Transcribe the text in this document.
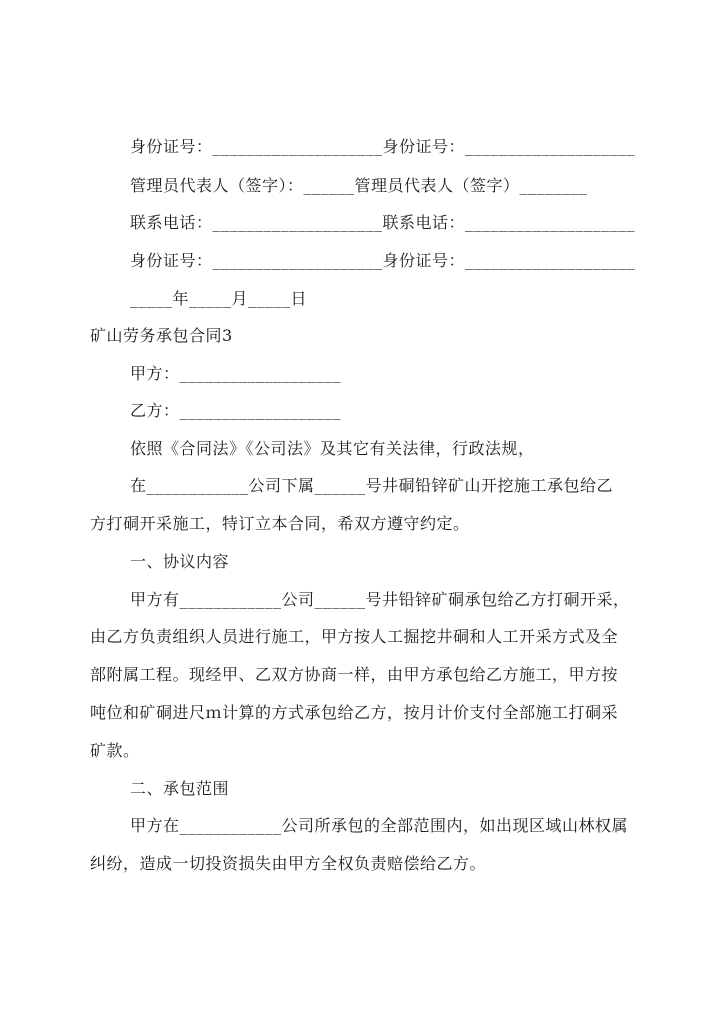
身份证号：____________________身份证号：____________________
管理员代表人（签字）：______管理员代表人（签字）________
联系电话：____________________联系电话：____________________
身份证号：____________________身份证号：____________________
_____年_____月_____日
矿山劳务承包合同3
甲方：___________________
乙方：___________________
依照《合同法》《公司法》及其它有关法律，行政法规，
在____________公司下属______号井硐铅锌矿山开挖施工承包给乙
方打硐开采施工，特订立本合同，希双方遵守约定。
一、协议内容
甲方有____________公司______号井铅锌矿硐承包给乙方打硐开采，
由乙方负责组织人员进行施工，甲方按人工掘挖井硐和人工开采方式及全
部附属工程。现经甲、乙双方协商一样，由甲方承包给乙方施工，甲方按
吨位和矿硐进尺ｍ计算的方式承包给乙方，按月计价支付全部施工打硐采
矿款。
二、承包范围
甲方在____________公司所承包的全部范围内，如出现区域山林权属
纠纷，造成一切投资损失由甲方全权负责赔偿给乙方。
